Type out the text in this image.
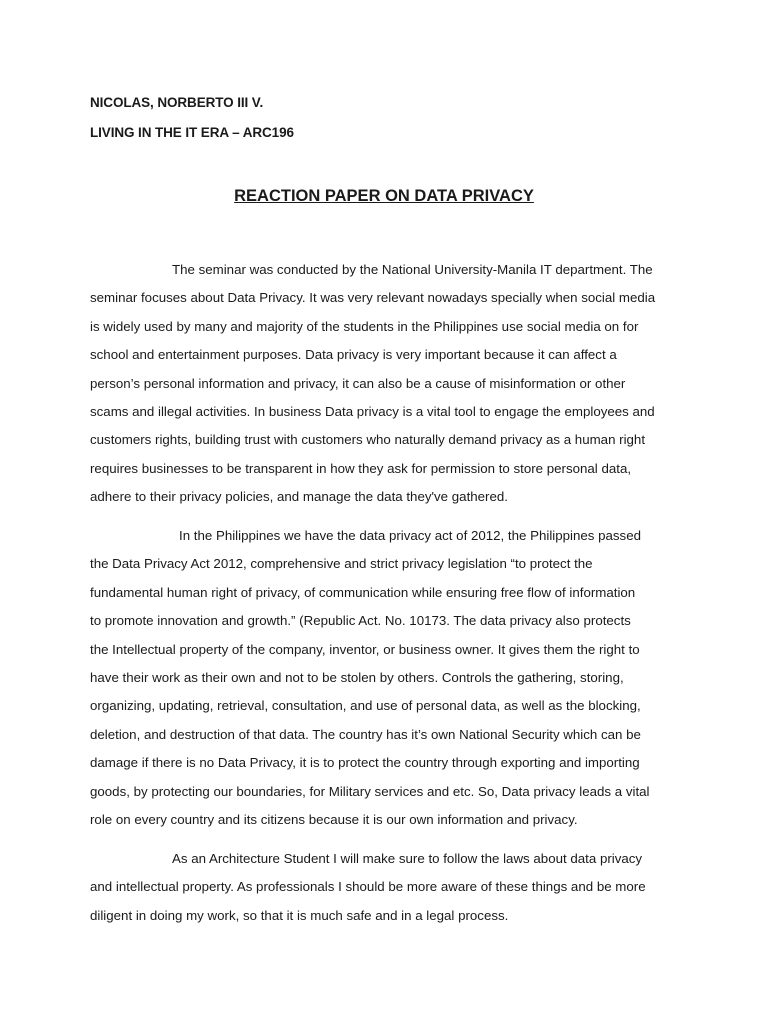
NICOLAS, NORBERTO III V.
LIVING IN THE IT ERA – ARC196
REACTION PAPER ON DATA PRIVACY
The seminar was conducted by the National University-Manila IT department. The
seminar focuses about Data Privacy. It was very relevant nowadays specially when social media
is widely used by many and majority of the students in the Philippines use social media on for
school and entertainment purposes. Data privacy is very important because it can affect a
person’s personal information and privacy, it can also be a cause of misinformation or other
scams and illegal activities. In business Data privacy is a vital tool to engage the employees and
customers rights, building trust with customers who naturally demand privacy as a human right
requires businesses to be transparent in how they ask for permission to store personal data,
adhere to their privacy policies, and manage the data they've gathered.
In the Philippines we have the data privacy act of 2012, the Philippines passed
the Data Privacy Act 2012, comprehensive and strict privacy legislation “to protect the
fundamental human right of privacy, of communication while ensuring free flow of information
to promote innovation and growth.” (Republic Act. No. 10173. The data privacy also protects
the Intellectual property of the company, inventor, or business owner. It gives them the right to
have their work as their own and not to be stolen by others. Controls the gathering, storing,
organizing, updating, retrieval, consultation, and use of personal data, as well as the blocking,
deletion, and destruction of that data. The country has it’s own National Security which can be
damage if there is no Data Privacy, it is to protect the country through exporting and importing
goods, by protecting our boundaries, for Military services and etc. So, Data privacy leads a vital
role on every country and its citizens because it is our own information and privacy.
As an Architecture Student I will make sure to follow the laws about data privacy
and intellectual property. As professionals I should be more aware of these things and be more
diligent in doing my work, so that it is much safe and in a legal process.
